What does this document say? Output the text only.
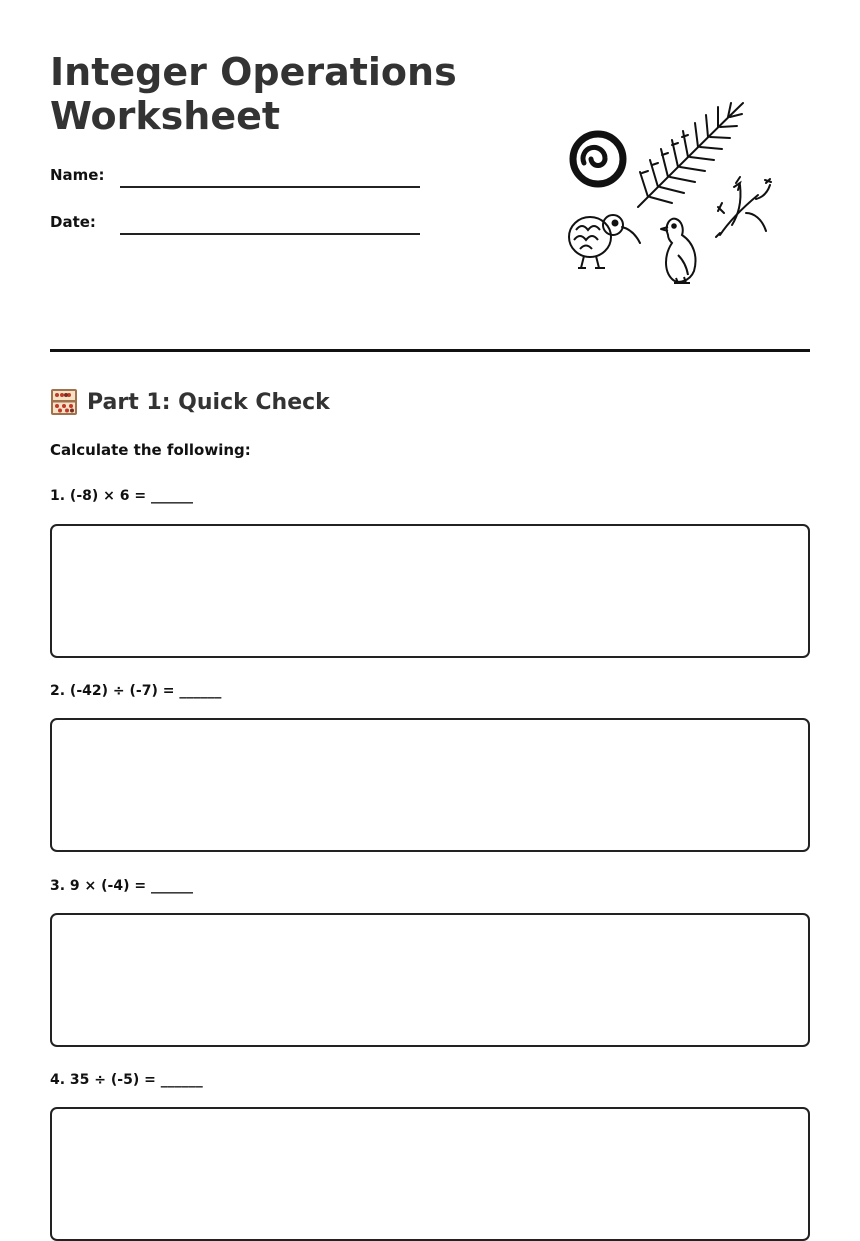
Integer Operations
Worksheet
Name:
Date:
Part 1: Quick Check
Calculate the following:
1. (-8) × 6 = ______
2. (-42) ÷ (-7) = ______
3. 9 × (-4) = ______
4. 35 ÷ (-5) = ______
